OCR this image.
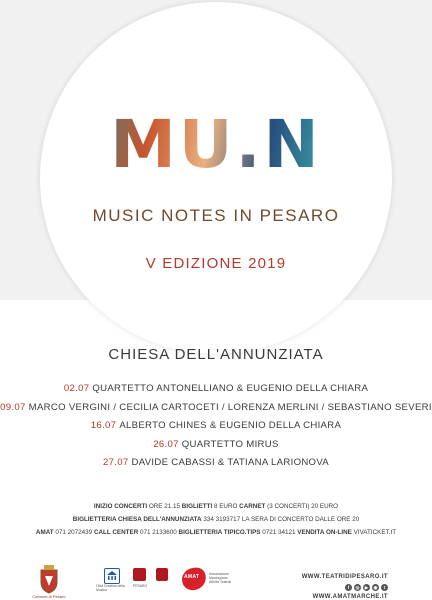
MU.N
MUSIC NOTES IN PESARO
V EDIZIONE 2019
CHIESA DELL'ANNUNZIATA
02.07 QUARTETTO ANTONELLIANO & EUGENIO DELLA CHIARA
09.07 MARCO VERGINI / CECILIA CARTOCETI / LORENZA MERLINI / SEBASTIANO SEVERI
16.07 ALBERTO CHINES & EUGENIO DELLA CHIARA
26.07 QUARTETTO MIRUS
27.07 DAVIDE CABASSI & TATIANA LARIONOVA
INIZIO CONCERTI ORE 21.15 BIGLIETTI 8 EURO CARNET (3 CONCERTI) 20 EURO
BIGLIETTERIA CHIESA DELL'ANNUNZIATA 334 3193717 LA SERA DI CONCERTO DALLE ORE 20
AMAT 071 2072439 CALL CENTER 071 2133600 BIGLIETTERIA TIPICO.TIPS 0721 34121 VENDITA ON-LINE VIVATICKET.IT
Comune di Pesaro
Città Creativa della Musica
PESARO
AMAT	Associazione Marchigiana Attività Teatrali
WWW.TEATRIDIPESARO.IT
f	◎	▶	◉	t
WWW.AMATMARCHE.IT
